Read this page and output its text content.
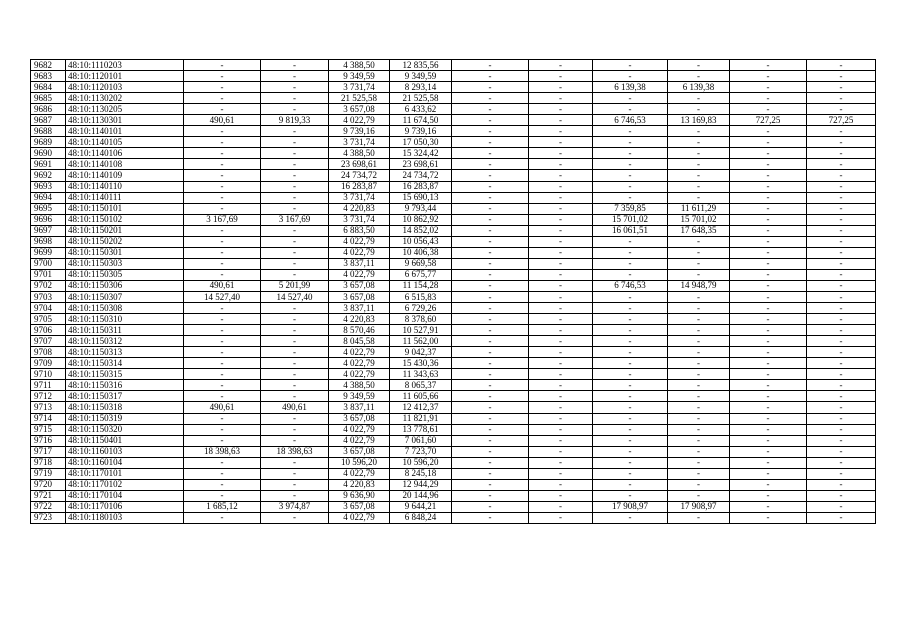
9682	48:10:1110203	-	-	4 388,50	12 835,56	-	-	-	-	-	-
9683	48:10:1120101	-	-	9 349,59	9 349,59	-	-	-	-	-	-
9684	48:10:1120103	-	-	3 731,74	8 293,14	-	-	6 139,38	6 139,38	-	-
9685	48:10:1130202	-	-	21 525,58	21 525,58	-	-	-	-	-	-
9686	48:10:1130205	-	-	3 657,08	6 433,62	-	-	-	-	-	-
9687	48:10:1130301	490,61	9 819,33	4 022,79	11 674,50	-	-	6 746,53	13 169,83	727,25	727,25
9688	48:10:1140101	-	-	9 739,16	9 739,16	-	-	-	-	-	-
9689	48:10:1140105	-	-	3 731,74	17 050,30	-	-	-	-	-	-
9690	48:10:1140106	-	-	4 388,50	15 324,42	-	-	-	-	-	-
9691	48:10:1140108	-	-	23 698,61	23 698,61	-	-	-	-	-	-
9692	48:10:1140109	-	-	24 734,72	24 734,72	-	-	-	-	-	-
9693	48:10:1140110	-	-	16 283,87	16 283,87	-	-	-	-	-	-
9694	48:10:1140111	-	-	3 731,74	15 690,13	-	-	-	-	-	-
9695	48:10:1150101	-	-	4 220,83	9 793,44	-	-	7 359,85	11 611,29	-	-
9696	48:10:1150102	3 167,69	3 167,69	3 731,74	10 862,92	-	-	15 701,02	15 701,02	-	-
9697	48:10:1150201	-	-	6 883,50	14 852,02	-	-	16 061,51	17 648,35	-	-
9698	48:10:1150202	-	-	4 022,79	10 056,43	-	-	-	-	-	-
9699	48:10:1150301	-	-	4 022,79	10 406,38	-	-	-	-	-	-
9700	48:10:1150303	-	-	3 837,11	9 669,58	-	-	-	-	-	-
9701	48:10:1150305	-	-	4 022,79	6 675,77	-	-	-	-	-	-
9702	48:10:1150306	490,61	5 201,99	3 657,08	11 154,28	-	-	6 746,53	14 948,79	-	-
9703	48:10:1150307	14 527,40	14 527,40	3 657,08	6 515,83	-	-	-	-	-	-
9704	48:10:1150308	-	-	3 837,11	6 729,26	-	-	-	-	-	-
9705	48:10:1150310	-	-	4 220,83	8 378,60	-	-	-	-	-	-
9706	48:10:1150311	-	-	8 570,46	10 527,91	-	-	-	-	-	-
9707	48:10:1150312	-	-	8 045,58	11 562,00	-	-	-	-	-	-
9708	48:10:1150313	-	-	4 022,79	9 042,37	-	-	-	-	-	-
9709	48:10:1150314	-	-	4 022,79	15 430,36	-	-	-	-	-	-
9710	48:10:1150315	-	-	4 022,79	11 343,63	-	-	-	-	-	-
9711	48:10:1150316	-	-	4 388,50	8 065,37	-	-	-	-	-	-
9712	48:10:1150317	-	-	9 349,59	11 605,66	-	-	-	-	-	-
9713	48:10:1150318	490,61	490,61	3 837,11	12 412,37	-	-	-	-	-	-
9714	48:10:1150319	-	-	3 657,08	11 821,91	-	-	-	-	-	-
9715	48:10:1150320	-	-	4 022,79	13 778,61	-	-	-	-	-	-
9716	48:10:1150401	-	-	4 022,79	7 061,60	-	-	-	-	-	-
9717	48:10:1160103	18 398,63	18 398,63	3 657,08	7 723,70	-	-	-	-	-	-
9718	48:10:1160104	-	-	10 596,20	10 596,20	-	-	-	-	-	-
9719	48:10:1170101	-	-	4 022,79	8 245,18	-	-	-	-	-	-
9720	48:10:1170102	-	-	4 220,83	12 944,29	-	-	-	-	-	-
9721	48:10:1170104	-	-	9 636,90	20 144,96	-	-	-	-	-	-
9722	48:10:1170106	1 685,12	3 974,87	3 657,08	9 644,21	-	-	17 908,97	17 908,97	-	-
9723	48:10:1180103	-	-	4 022,79	6 848,24	-	-	-	-	-	-
